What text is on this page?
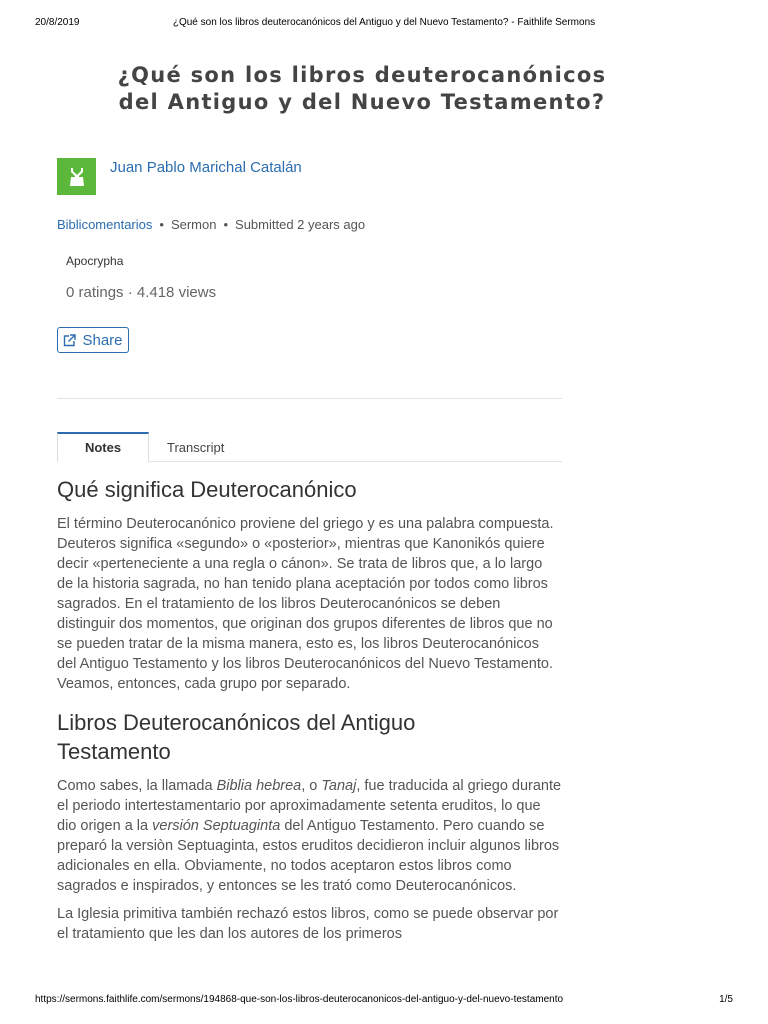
20/8/2019	¿Qué son los libros deuterocanónicos del Antiguo y del Nuevo Testamento? - Faithlife Sermons
¿Qué son los libros deuterocanónicos
del Antiguo y del Nuevo Testamento?
Juan Pablo Marichal Catalán
Biblicomentarios • Sermon • Submitted 2 years ago
Apocrypha
0 ratings · 4.418 views
Share
Notes	Transcript
Qué significa Deuterocanónico

El término Deuterocanónico proviene del griego y es una palabra compuesta. Deuteros significa «segundo» o «posterior», mientras que Kanonikós quiere decir «perteneciente a una regla o cánon». Se trata de libros que, a lo largo de la historia sagrada, no han tenido plana aceptación por todos como libros sagrados. En el tratamiento de los libros Deuterocanónicos se deben distinguir dos momentos, que originan dos grupos diferentes de libros que no se pueden tratar de la misma manera, esto es, los libros Deuterocanónicos del Antiguo Testamento y los libros Deuterocanónicos del Nuevo Testamento. Veamos, entonces, cada grupo por separado.

Libros Deuterocanónicos del Antiguo
Testamento

Como sabes, la llamada Biblia hebrea, o Tanaj, fue traducida al griego durante el periodo intertestamentario por aproximadamente setenta eruditos, lo que dio origen a la versión Septuaginta del Antiguo Testamento. Pero cuando se preparó la versiòn Septuaginta, estos eruditos decidieron incluir algunos libros adicionales en ella. Obviamente, no todos aceptaron estos libros como sagrados e inspirados, y entonces se les trató como Deuterocanónicos.

La Iglesia primitiva también rechazó estos libros, como se puede observar por el tratamiento que les dan los autores de los primeros

https://sermons.faithlife.com/sermons/194868-que-son-los-libros-deuterocanonicos-del-antiguo-y-del-nuevo-testamento	1/5
